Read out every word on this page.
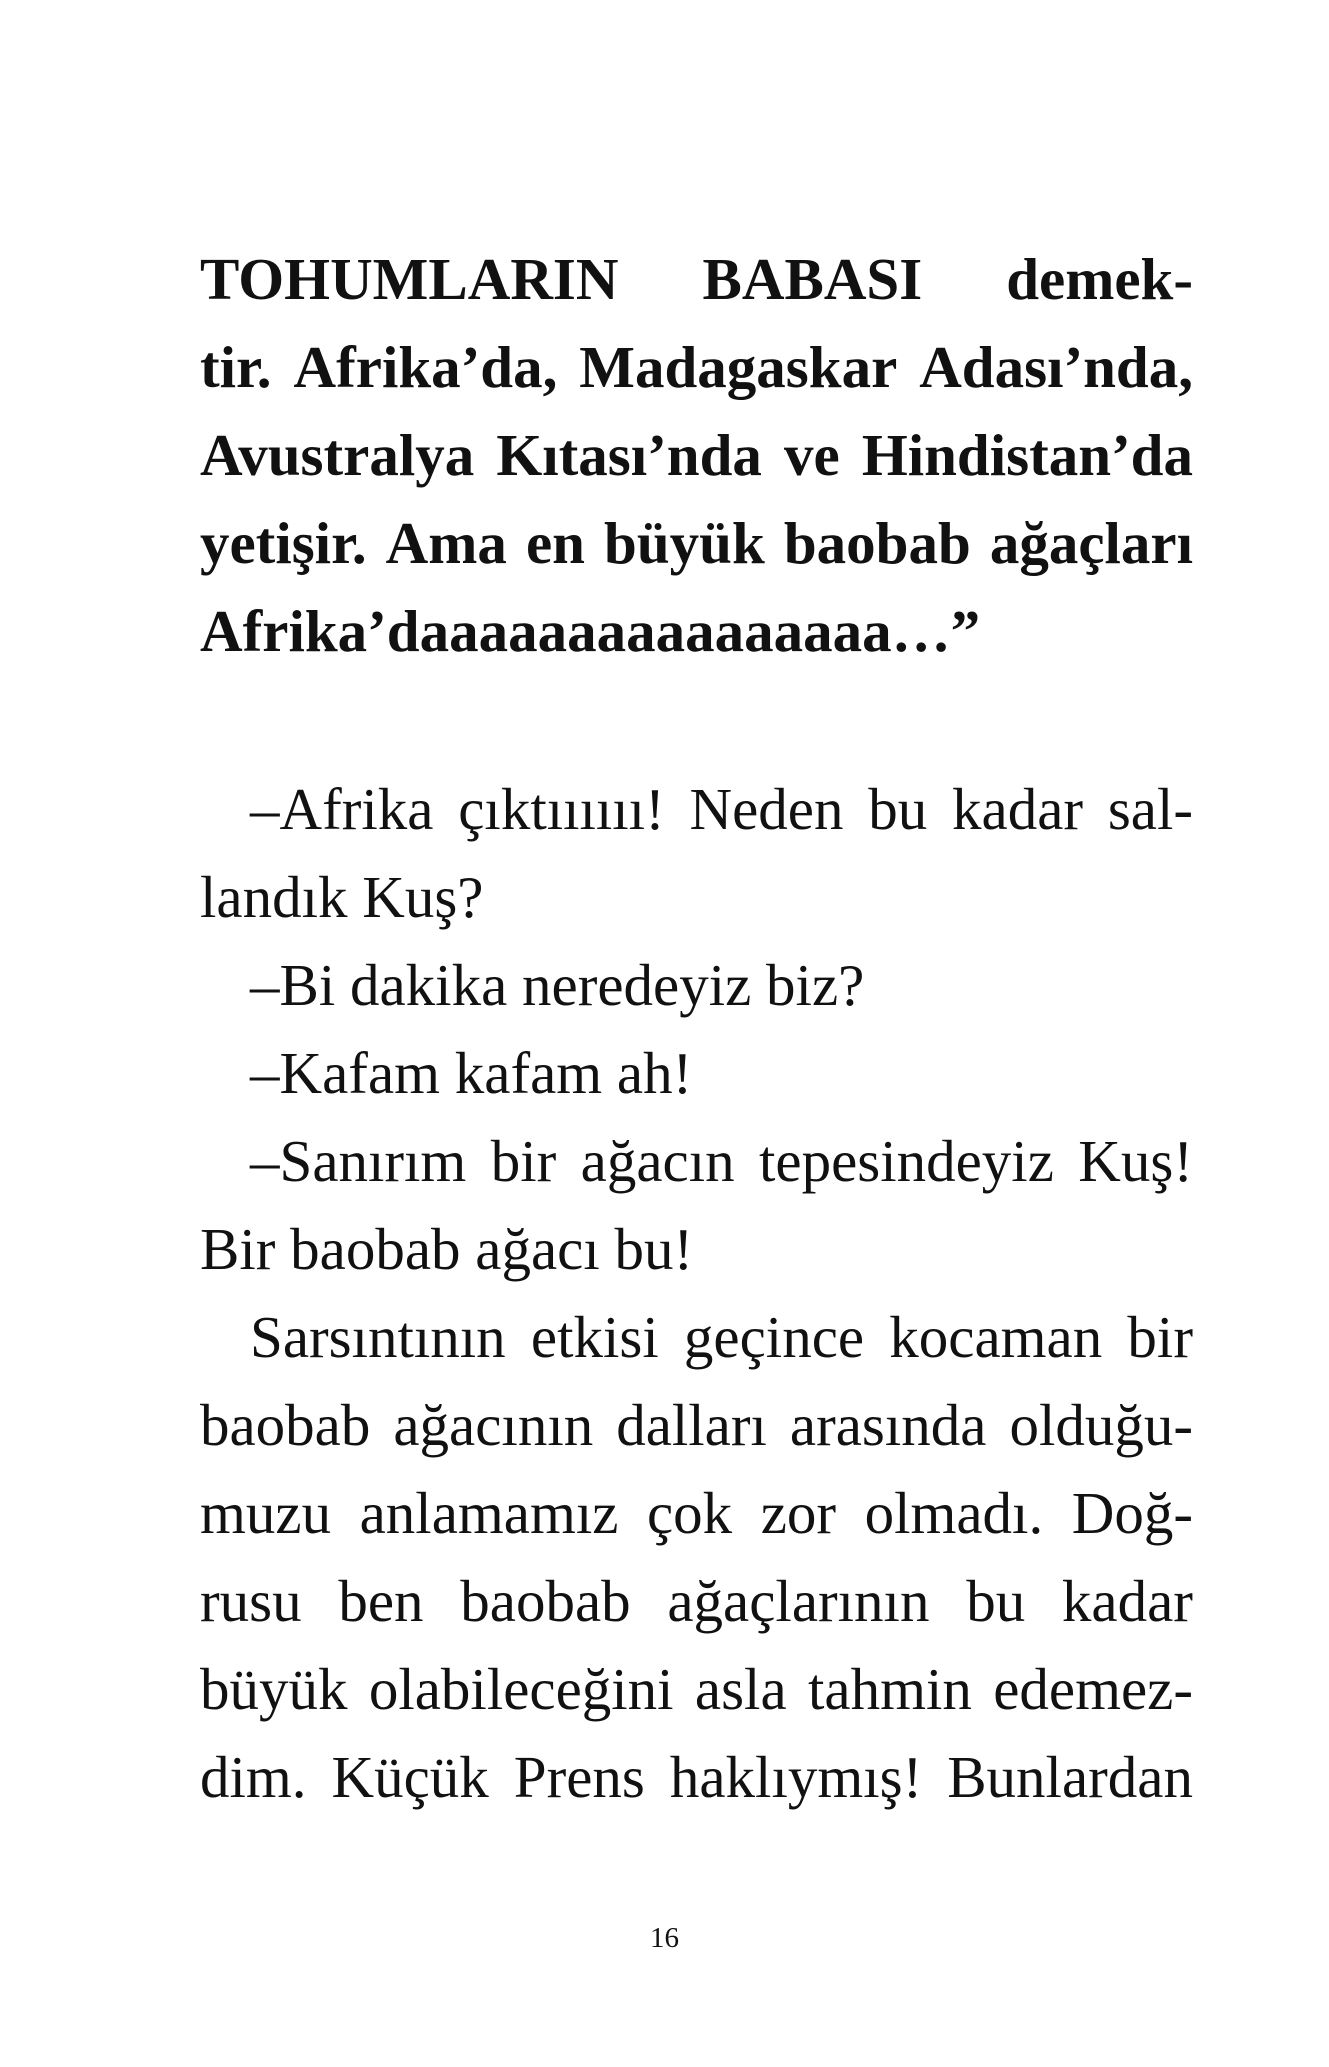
TOHUMLARIN BABASI demek-
tir. Afrika’da, Madagaskar Adası’nda,
Avustralya Kıtası’nda ve Hindistan’da
yetişir. Ama en büyük baobab ağaçları
Afrika’daaaaaaaaaaaaaaaa…”
–Afrika çıktıııııı! Neden bu kadar sal-
landık Kuş?
–Bi dakika neredeyiz biz?
–Kafam kafam ah!
–Sanırım bir ağacın tepesindeyiz Kuş!
Bir baobab ağacı bu!
Sarsıntının etkisi geçince kocaman bir
baobab ağacının dalları arasında olduğu-
muzu anlamamız çok zor olmadı. Doğ-
rusu ben baobab ağaçlarının bu kadar
büyük olabileceğini asla tahmin edemez-
dim. Küçük Prens haklıymış! Bunlardan
16
